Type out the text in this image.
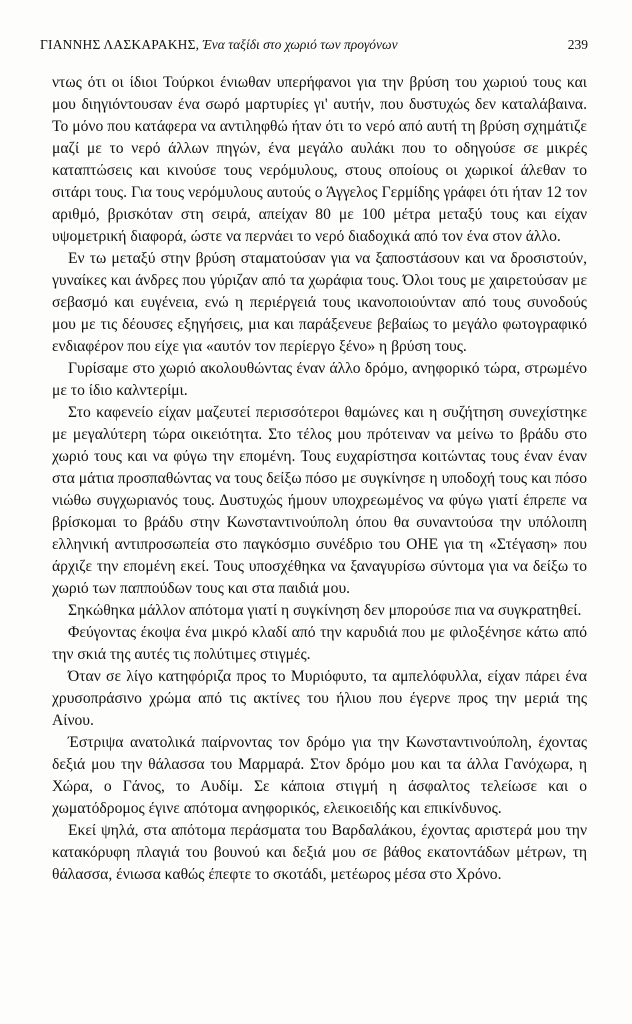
ΓΙΑΝΝΗΣ ΛΑΣΚΑΡΑΚΗΣ, Ένα ταξίδι στο χωριό των προγόνων	239

ντως ότι οι ίδιοι Τούρκοι ένιωθαν υπερήφανοι για την βρύση του χωριού τους και μου διηγιόντουσαν ένα σωρό μαρτυρίες γι' αυτήν, που δυστυχώς δεν καταλάβαινα. Το μόνο που κατάφερα να αντιληφθώ ήταν ότι το νερό από αυτή τη βρύση σχημάτιζε μαζί με το νερό άλλων πηγών, ένα μεγάλο αυλάκι που το οδηγούσε σε μικρές καταπτώσεις και κινούσε τους νερόμυλους, στους οποίους οι χωρικοί άλεθαν το σιτάρι τους. Για τους νερόμυλους αυτούς ο Άγγελος Γερμίδης γράφει ότι ήταν 12 τον αριθμό, βρισκόταν στη σειρά, απείχαν 80 με 100 μέτρα μεταξύ τους και είχαν υψομετρική διαφορά, ώστε να περνάει το νερό διαδοχικά από τον ένα στον άλλο.

Εν τω μεταξύ στην βρύση σταματούσαν για να ξαποστάσουν και να δροσιστούν, γυναίκες και άνδρες που γύριζαν από τα χωράφια τους. Όλοι τους με χαιρετούσαν με σεβασμό και ευγένεια, ενώ η περιέργειά τους ικανοποιούνταν από τους συνοδούς μου με τις δέουσες εξηγήσεις, μια και παράξενευε βεβαίως το μεγάλο φωτογραφικό ενδιαφέρον που είχε για «αυτόν τον περίεργο ξένο» η βρύση τους.

Γυρίσαμε στο χωριό ακολουθώντας έναν άλλο δρόμο, ανηφορικό τώρα, στρωμένο με το ίδιο καλντερίμι.

Στο καφενείο είχαν μαζευτεί περισσότεροι θαμώνες και η συζήτηση συνεχίστηκε με μεγαλύτερη τώρα οικειότητα. Στο τέλος μου πρότειναν να μείνω το βράδυ στο χωριό τους και να φύγω την επομένη. Τους ευχαρίστησα κοιτώντας τους έναν έναν στα μάτια προσπαθώντας να τους δείξω πόσο με συγκίνησε η υποδοχή τους και πόσο νιώθω συγχωριανός τους. Δυστυχώς ήμουν υποχρεωμένος να φύγω γιατί έπρεπε να βρίσκομαι το βράδυ στην Κωνσταντινούπολη όπου θα συναντούσα την υπόλοιπη ελληνική αντιπροσωπεία στο παγκόσμιο συνέδριο του ΟΗΕ για τη «Στέγαση» που άρχιζε την επομένη εκεί. Τους υποσχέθηκα να ξαναγυρίσω σύντομα για να δείξω το χωριό των παππούδων τους και στα παιδιά μου.

Σηκώθηκα μάλλον απότομα γιατί η συγκίνηση δεν μπορούσε πια να συγκρατηθεί.

Φεύγοντας έκοψα ένα μικρό κλαδί από την καρυδιά που με φιλοξένησε κάτω από την σκιά της αυτές τις πολύτιμες στιγμές.

Όταν σε λίγο κατηφόριζα προς το Μυριόφυτο, τα αμπελόφυλλα, είχαν πάρει ένα χρυσοπράσινο χρώμα από τις ακτίνες του ήλιου που έγερνε προς την μεριά της Αίνου.

Έστριψα ανατολικά παίρνοντας τον δρόμο για την Κωνσταντινούπολη, έχοντας δεξιά μου την θάλασσα του Μαρμαρά. Στον δρόμο μου και τα άλλα Γανόχωρα, η Χώρα, ο Γάνος, το Αυδίμ. Σε κάποια στιγμή η άσφαλτος τελείωσε και ο χωματόδρομος έγινε απότομα ανηφορικός, ελεικοειδής και επικίνδυνος.

Εκεί ψηλά, στα απότομα περάσματα του Βαρδαλάκου, έχοντας αριστερά μου την κατακόρυφη πλαγιά του βουνού και δεξιά μου σε βάθος εκατοντάδων μέτρων, τη θάλασσα, ένιωσα καθώς έπεφτε το σκοτάδι, μετέωρος μέσα στο Χρόνο.
